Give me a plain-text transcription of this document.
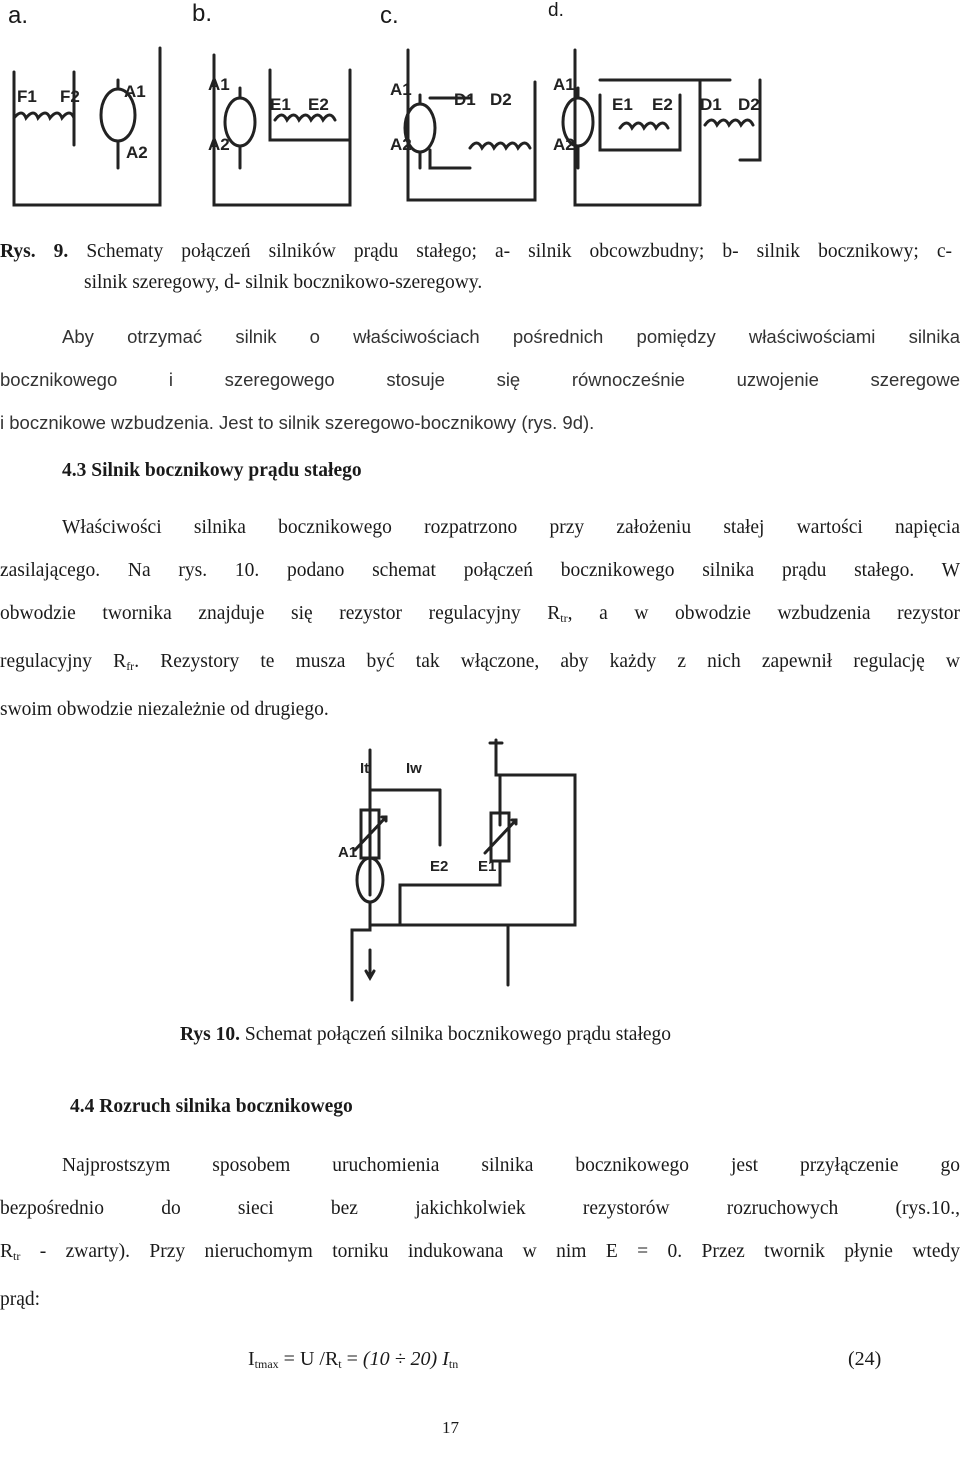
a.	b.	c.	d.
F1 F2	A1
A2
A1
A2
E1 E2
A1
A2
D1 D2
A1
A2
E1 E2 D1 D2
Rys. 9. Schematy połączeń silników prądu stałego; a- silnik obcowzbudny; b- silnik bocznikowy; c-
silnik szeregowy, d- silnik bocznikowo-szeregowy.
Aby otrzymać silnik o właściwościach pośrednich pomiędzy właściwościami silnika
bocznikowego i szeregowego stosuje się równocześnie uzwojenie szeregowe
i bocznikowe wzbudzenia. Jest to silnik szeregowo-bocznikowy (rys. 9d).
4.3 Silnik bocznikowy prądu stałego
Właściwości silnika bocznikowego rozpatrzono przy założeniu stałej wartości napięcia
zasilającego. Na rys. 10. podano schemat połączeń bocznikowego silnika prądu stałego. W
obwodzie twornika znajduje się rezystor regulacyjny $R_{tr}$, a w obwodzie wzbudzenia rezystor
regulacyjny $R_{fr}$. Rezystory te musza być tak włączone, aby każdy z nich zapewnił regulację w
swoim obwodzie niezależnie od drugiego.
It Iw
A1
E2 E1
Rys 10. Schemat połączeń silnika bocznikowego prądu stałego
4.4 Rozruch silnika bocznikowego
Najprostszym sposobem uruchomienia silnika bocznikowego jest przyłączenie go
bezpośrednio do sieci bez jakichkolwiek rezystorów rozruchowych (rys.10.,
$R_{tr}$ - zwarty). Przy nieruchomym torniku indukowana w nim E = 0. Przez twornik płynie wtedy
prąd:
$I_{tmax} = U$ $/R_t = (10 \div 20)$ $I_{tn}$	(24)
17
